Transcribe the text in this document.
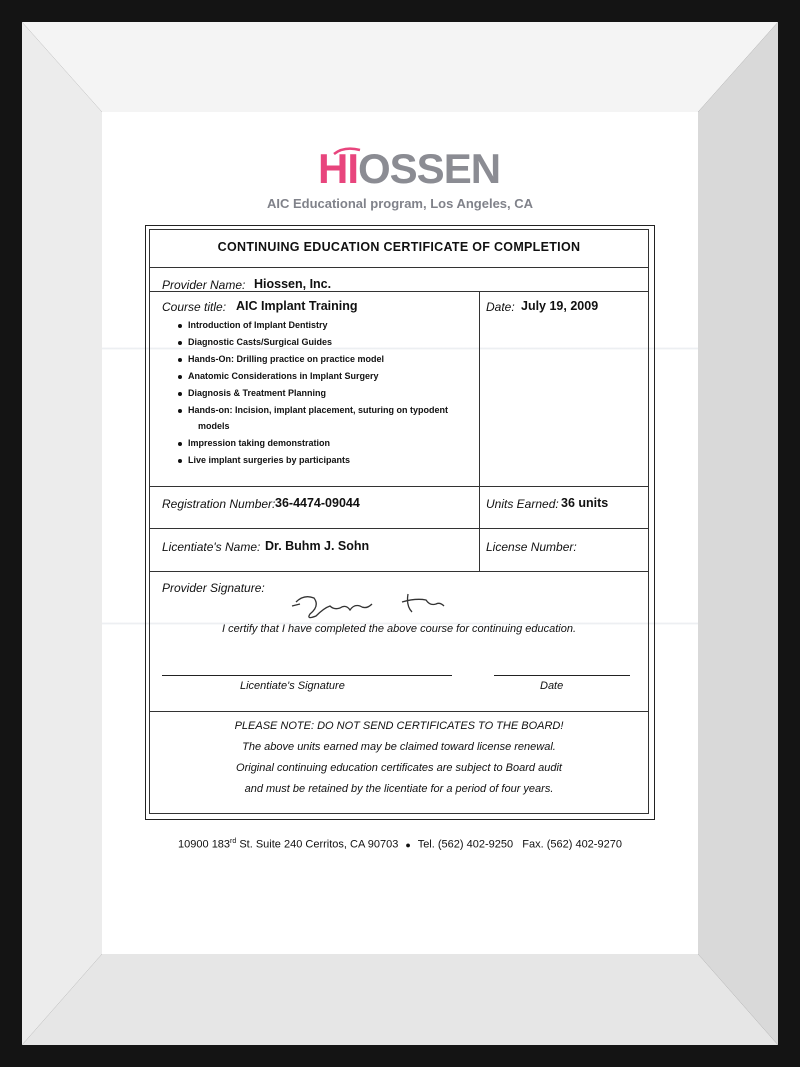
HIOSSEN
AIC Educational program, Los Angeles, CA
CONTINUING EDUCATION CERTIFICATE OF COMPLETION
Provider Name: Hiossen, Inc.
Course title: AIC Implant Training
Introduction of Implant Dentistry
Diagnostic Casts/Surgical Guides
Hands-On: Drilling practice on practice model
Anatomic Considerations in Implant Surgery
Diagnosis & Treatment Planning
Hands-on: Incision, implant placement, suturing on typodent
models
Impression taking demonstration
Live implant surgeries by participants
Date: July 19, 2009
Registration Number: 36-4474-09044	Units Earned: 36 units
Licentiate's Name: Dr. Buhm J. Sohn	License Number:
Provider Signature:
I certify that I have completed the above course for continuing education.
Licentiate's Signature	Date
PLEASE NOTE: DO NOT SEND CERTIFICATES TO THE BOARD!
The above units earned may be claimed toward license renewal.
Original continuing education certificates are subject to Board audit
and must be retained by the licentiate for a period of four years.
10900 183rd St. Suite 240 Cerritos, CA 90703 ● Tel. (562) 402-9250 Fax. (562) 402-9270
